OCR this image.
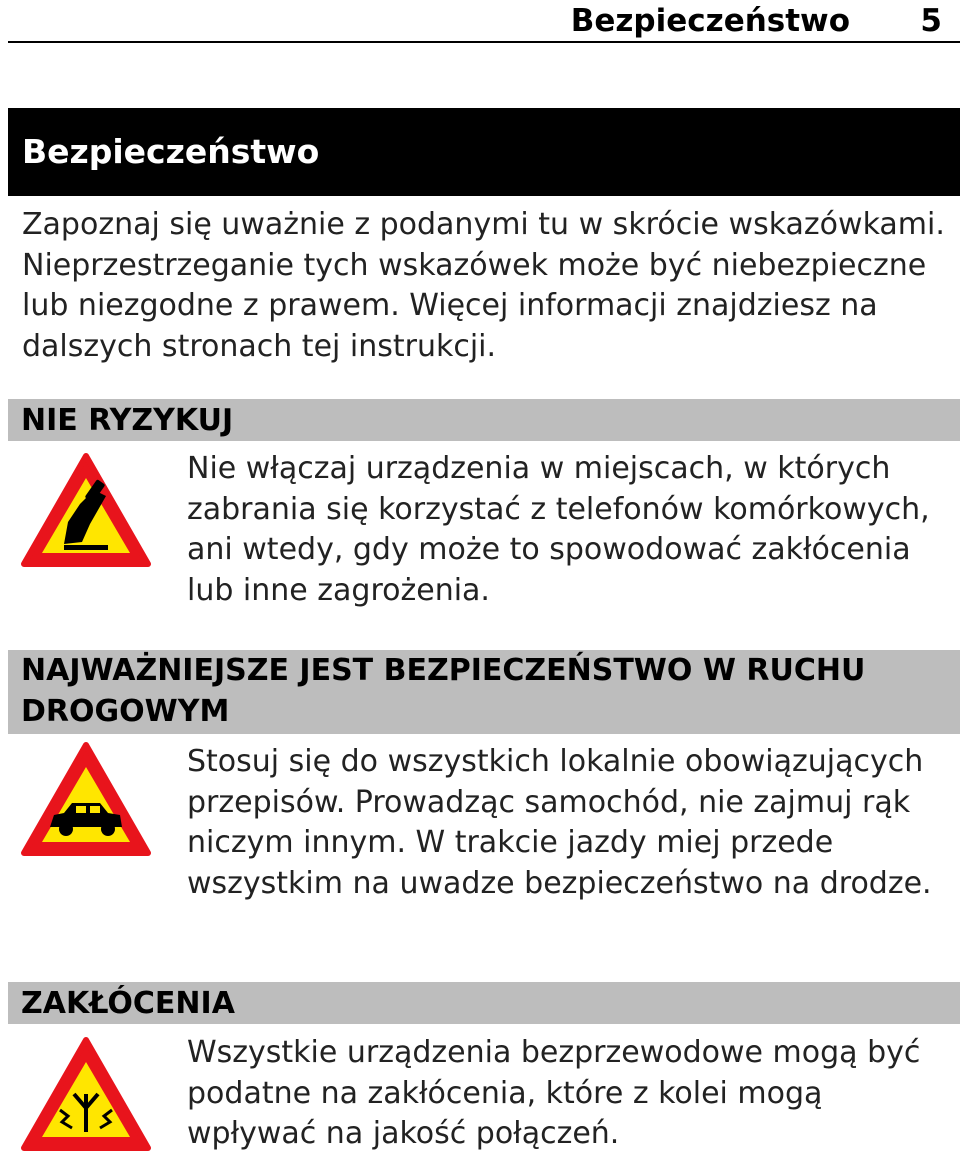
Bezpieczeństwo 5
Bezpieczeństwo
Zapoznaj się uważnie z podanymi tu w skrócie wskazówkami. Nieprzestrzeganie tych wskazówek może być niebezpieczne lub niezgodne z prawem. Więcej informacji znajdziesz na dalszych stronach tej instrukcji.
NIE RYZYKUJ
Nie włączaj urządzenia w miejscach, w których zabrania się korzystać z telefonów komórkowych, ani wtedy, gdy może to spowodować zakłócenia lub inne zagrożenia.
NAJWAŻNIEJSZE JEST BEZPIECZEŃSTWO W RUCHU
DROGOWYM
Stosuj się do wszystkich lokalnie obowiązujących przepisów. Prowadząc samochód, nie zajmuj rąk niczym innym. W trakcie jazdy miej przede wszystkim na uwadze bezpieczeństwo na drodze.
ZAKŁÓCENIA
Wszystkie urządzenia bezprzewodowe mogą być podatne na zakłócenia, które z kolei mogą wpływać na jakość połączeń.
